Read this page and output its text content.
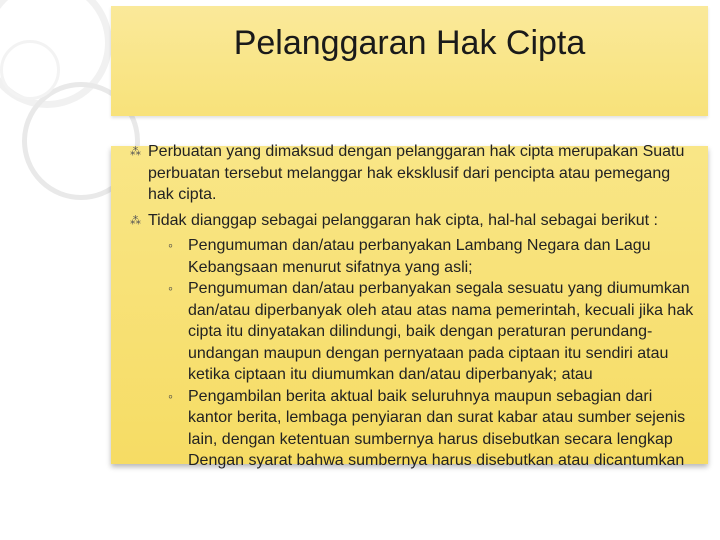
Pelanggaran Hak Cipta
⁂ Perbuatan yang dimaksud dengan pelanggaran hak cipta merupakan Suatu perbuatan tersebut melanggar hak eksklusif dari pencipta atau pemegang hak cipta.
⁂ Tidak dianggap sebagai pelanggaran hak cipta, hal-hal sebagai berikut :
◦ Pengumuman dan/atau perbanyakan Lambang Negara dan Lagu Kebangsaan menurut sifatnya yang asli;
◦ Pengumuman dan/atau perbanyakan segala sesuatu yang diumumkan dan/atau diperbanyak oleh atau atas nama pemerintah, kecuali jika hak cipta itu dinyatakan dilindungi, baik dengan peraturan perundang-undangan maupun dengan pernyataan pada ciptaan itu sendiri atau ketika ciptaan itu diumumkan dan/atau diperbanyak; atau
◦ Pengambilan berita aktual baik seluruhnya maupun sebagian dari kantor berita, lembaga penyiaran dan surat kabar atau sumber sejenis lain, dengan ketentuan sumbernya harus disebutkan secara lengkap Dengan syarat bahwa sumbernya harus disebutkan atau dicantumkan
